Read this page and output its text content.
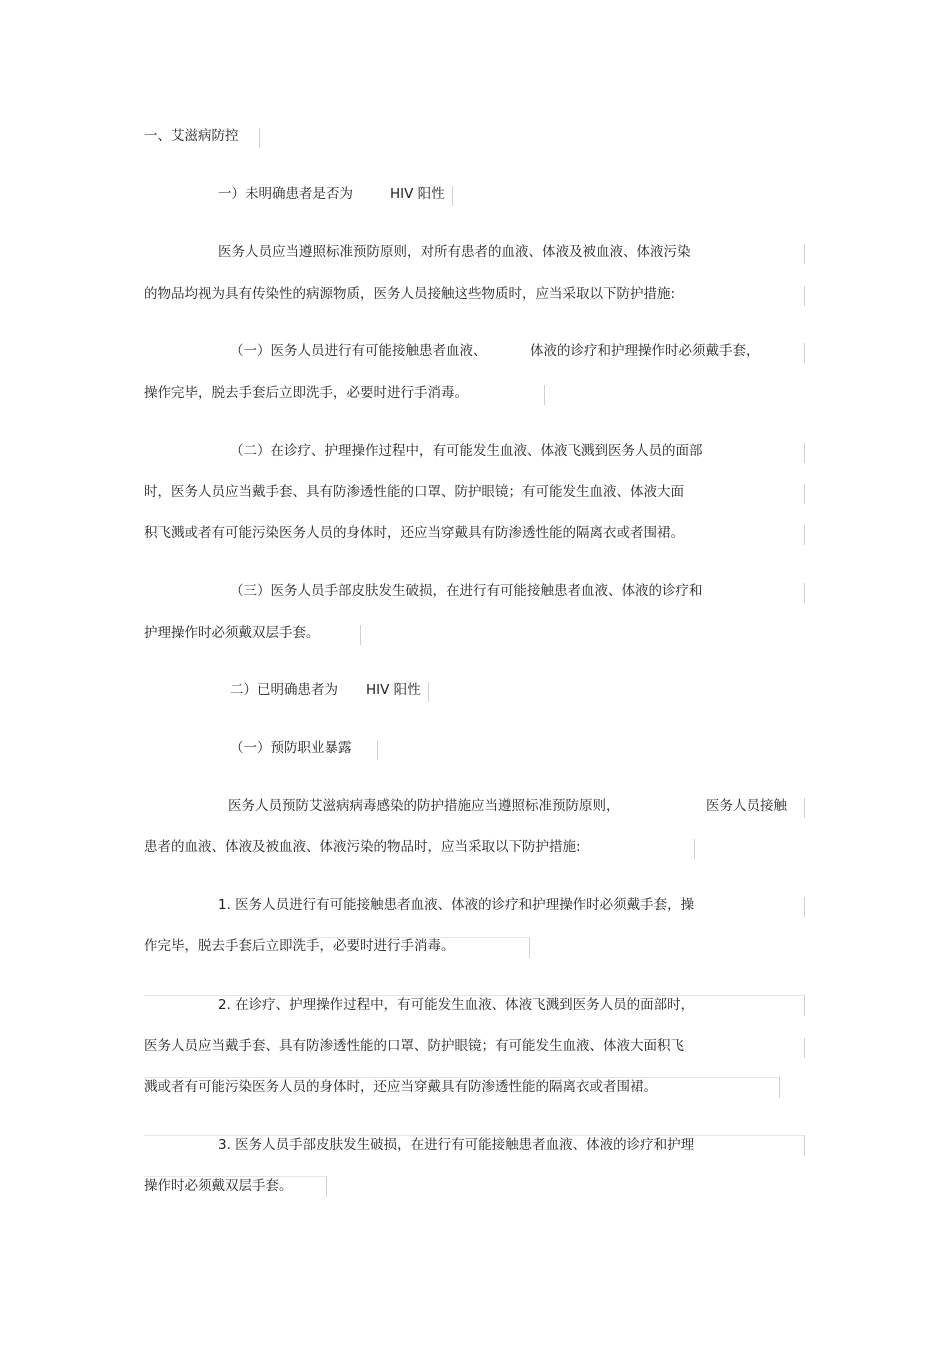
一、艾滋病防控
一）未明确患者是否为	HIV 阳性
医务人员应当遵照标准预防原则，对所有患者的血液、体液及被血液、体液污染
的物品均视为具有传染性的病源物质，医务人员接触这些物质时，应当采取以下防护措施:
（一）医务人员进行有可能接触患者血液、	体液的诊疗和护理操作时必须戴手套，
操作完毕，脱去手套后立即洗手，必要时进行手消毒。
（二）在诊疗、护理操作过程中，有可能发生血液、体液飞溅到医务人员的面部
时，医务人员应当戴手套、具有防渗透性能的口罩、防护眼镜；有可能发生血液、体液大面
积飞溅或者有可能污染医务人员的身体时，还应当穿戴具有防渗透性能的隔离衣或者围裙。
（三）医务人员手部皮肤发生破损，在进行有可能接触患者血液、体液的诊疗和
护理操作时必须戴双层手套。
二）已明确患者为 HIV 阳性
（一）预防职业暴露
医务人员预防艾滋病病毒感染的防护措施应当遵照标准预防原则，	医务人员接触
患者的血液、体液及被血液、体液污染的物品时，应当采取以下防护措施:
1. 医务人员进行有可能接触患者血液、体液的诊疗和护理操作时必须戴手套，操
作完毕，脱去手套后立即洗手，必要时进行手消毒。
2. 在诊疗、护理操作过程中，有可能发生血液、体液飞溅到医务人员的面部时，
医务人员应当戴手套、具有防渗透性能的口罩、防护眼镜；有可能发生血液、体液大面积飞
溅或者有可能污染医务人员的身体时，还应当穿戴具有防渗透性能的隔离衣或者围裙。
3. 医务人员手部皮肤发生破损，在进行有可能接触患者血液、体液的诊疗和护理
操作时必须戴双层手套。
